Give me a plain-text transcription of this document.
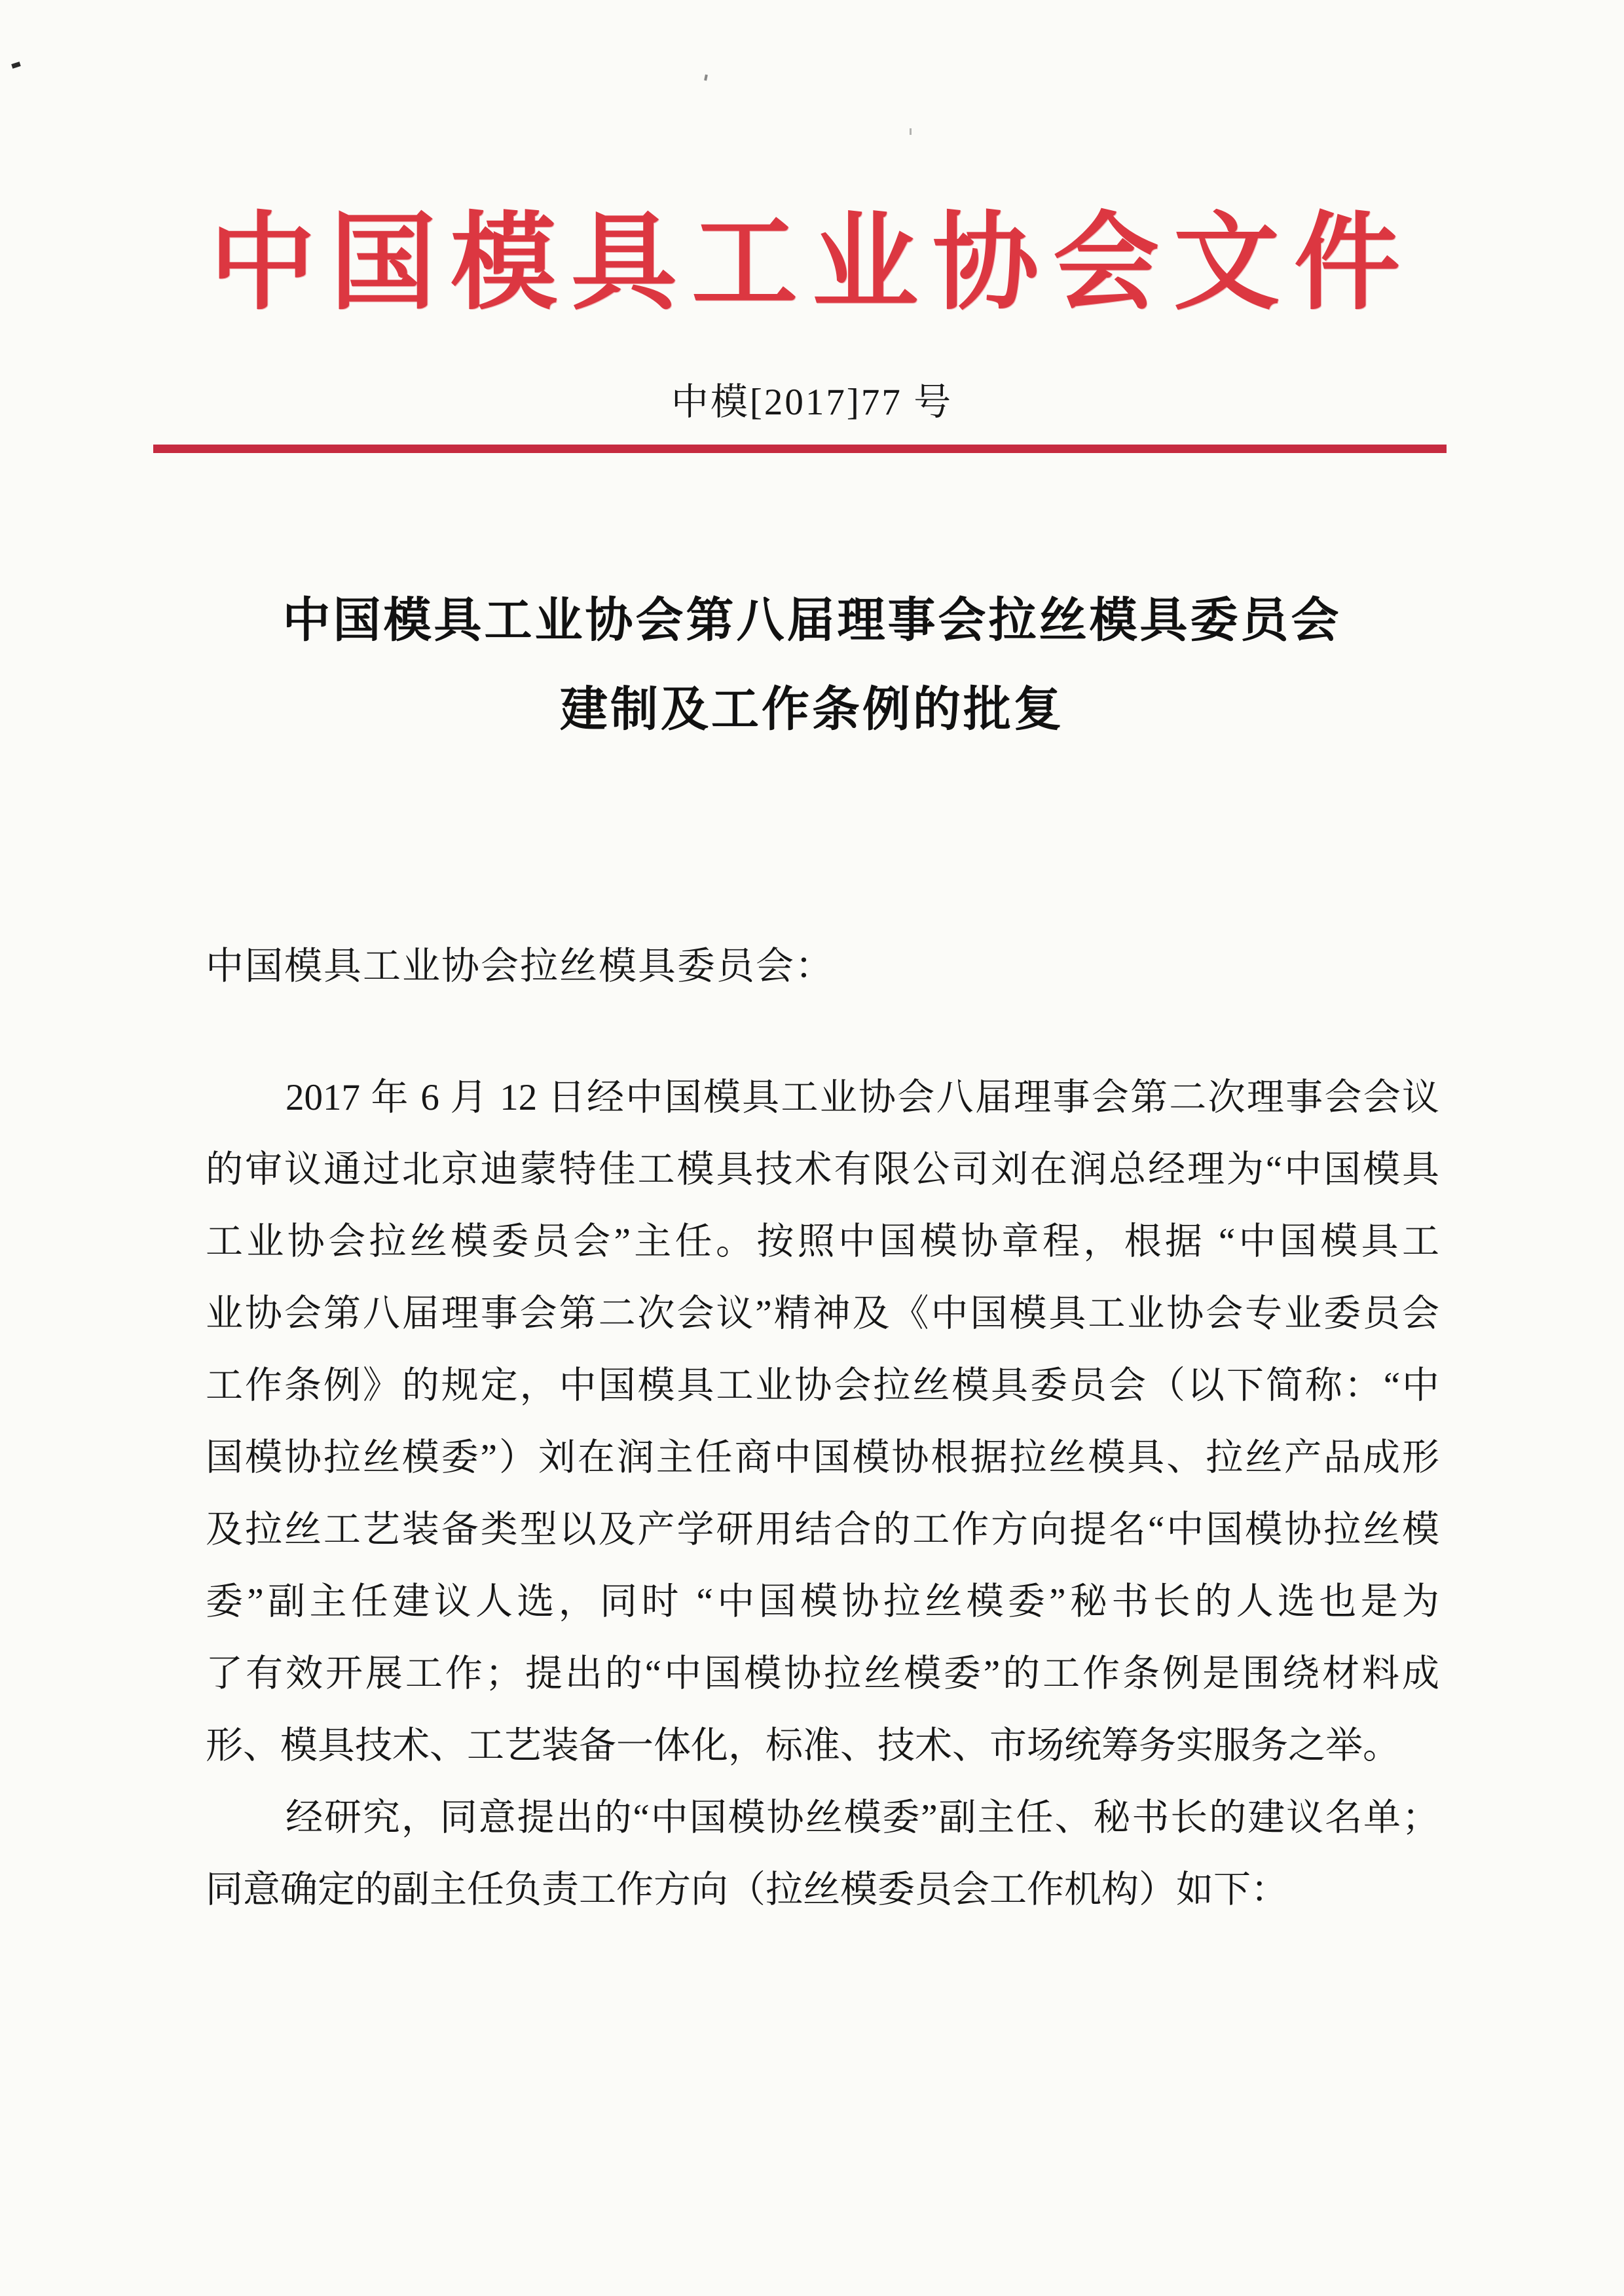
中国模具工业协会文件
中模[2017]77 号
中国模具工业协会第八届理事会拉丝模具委员会
建制及工作条例的批复
中国模具工业协会拉丝模具委员会：
2017 年 6 月 12 日经中国模具工业协会八届理事会第二次理事会会议
的审议通过北京迪蒙特佳工模具技术有限公司刘在润总经理为“中国模具
工业协会拉丝模委员会”主任。按照中国模协章程，根据 “中国模具工
业协会第八届理事会第二次会议”精神及《中国模具工业协会专业委员会
工作条例》的规定，中国模具工业协会拉丝模具委员会（以下简称：“中
国模协拉丝模委”）刘在润主任商中国模协根据拉丝模具、拉丝产品成形
及拉丝工艺装备类型以及产学研用结合的工作方向提名“中国模协拉丝模
委”副主任建议人选，同时 “中国模协拉丝模委”秘书长的人选也是为
了有效开展工作；提出的“中国模协拉丝模委”的工作条例是围绕材料成
形、模具技术、工艺装备一体化，标准、技术、市场统筹务实服务之举。
经研究，同意提出的“中国模协丝模委”副主任、秘书长的建议名单；
同意确定的副主任负责工作方向（拉丝模委员会工作机构）如下：
